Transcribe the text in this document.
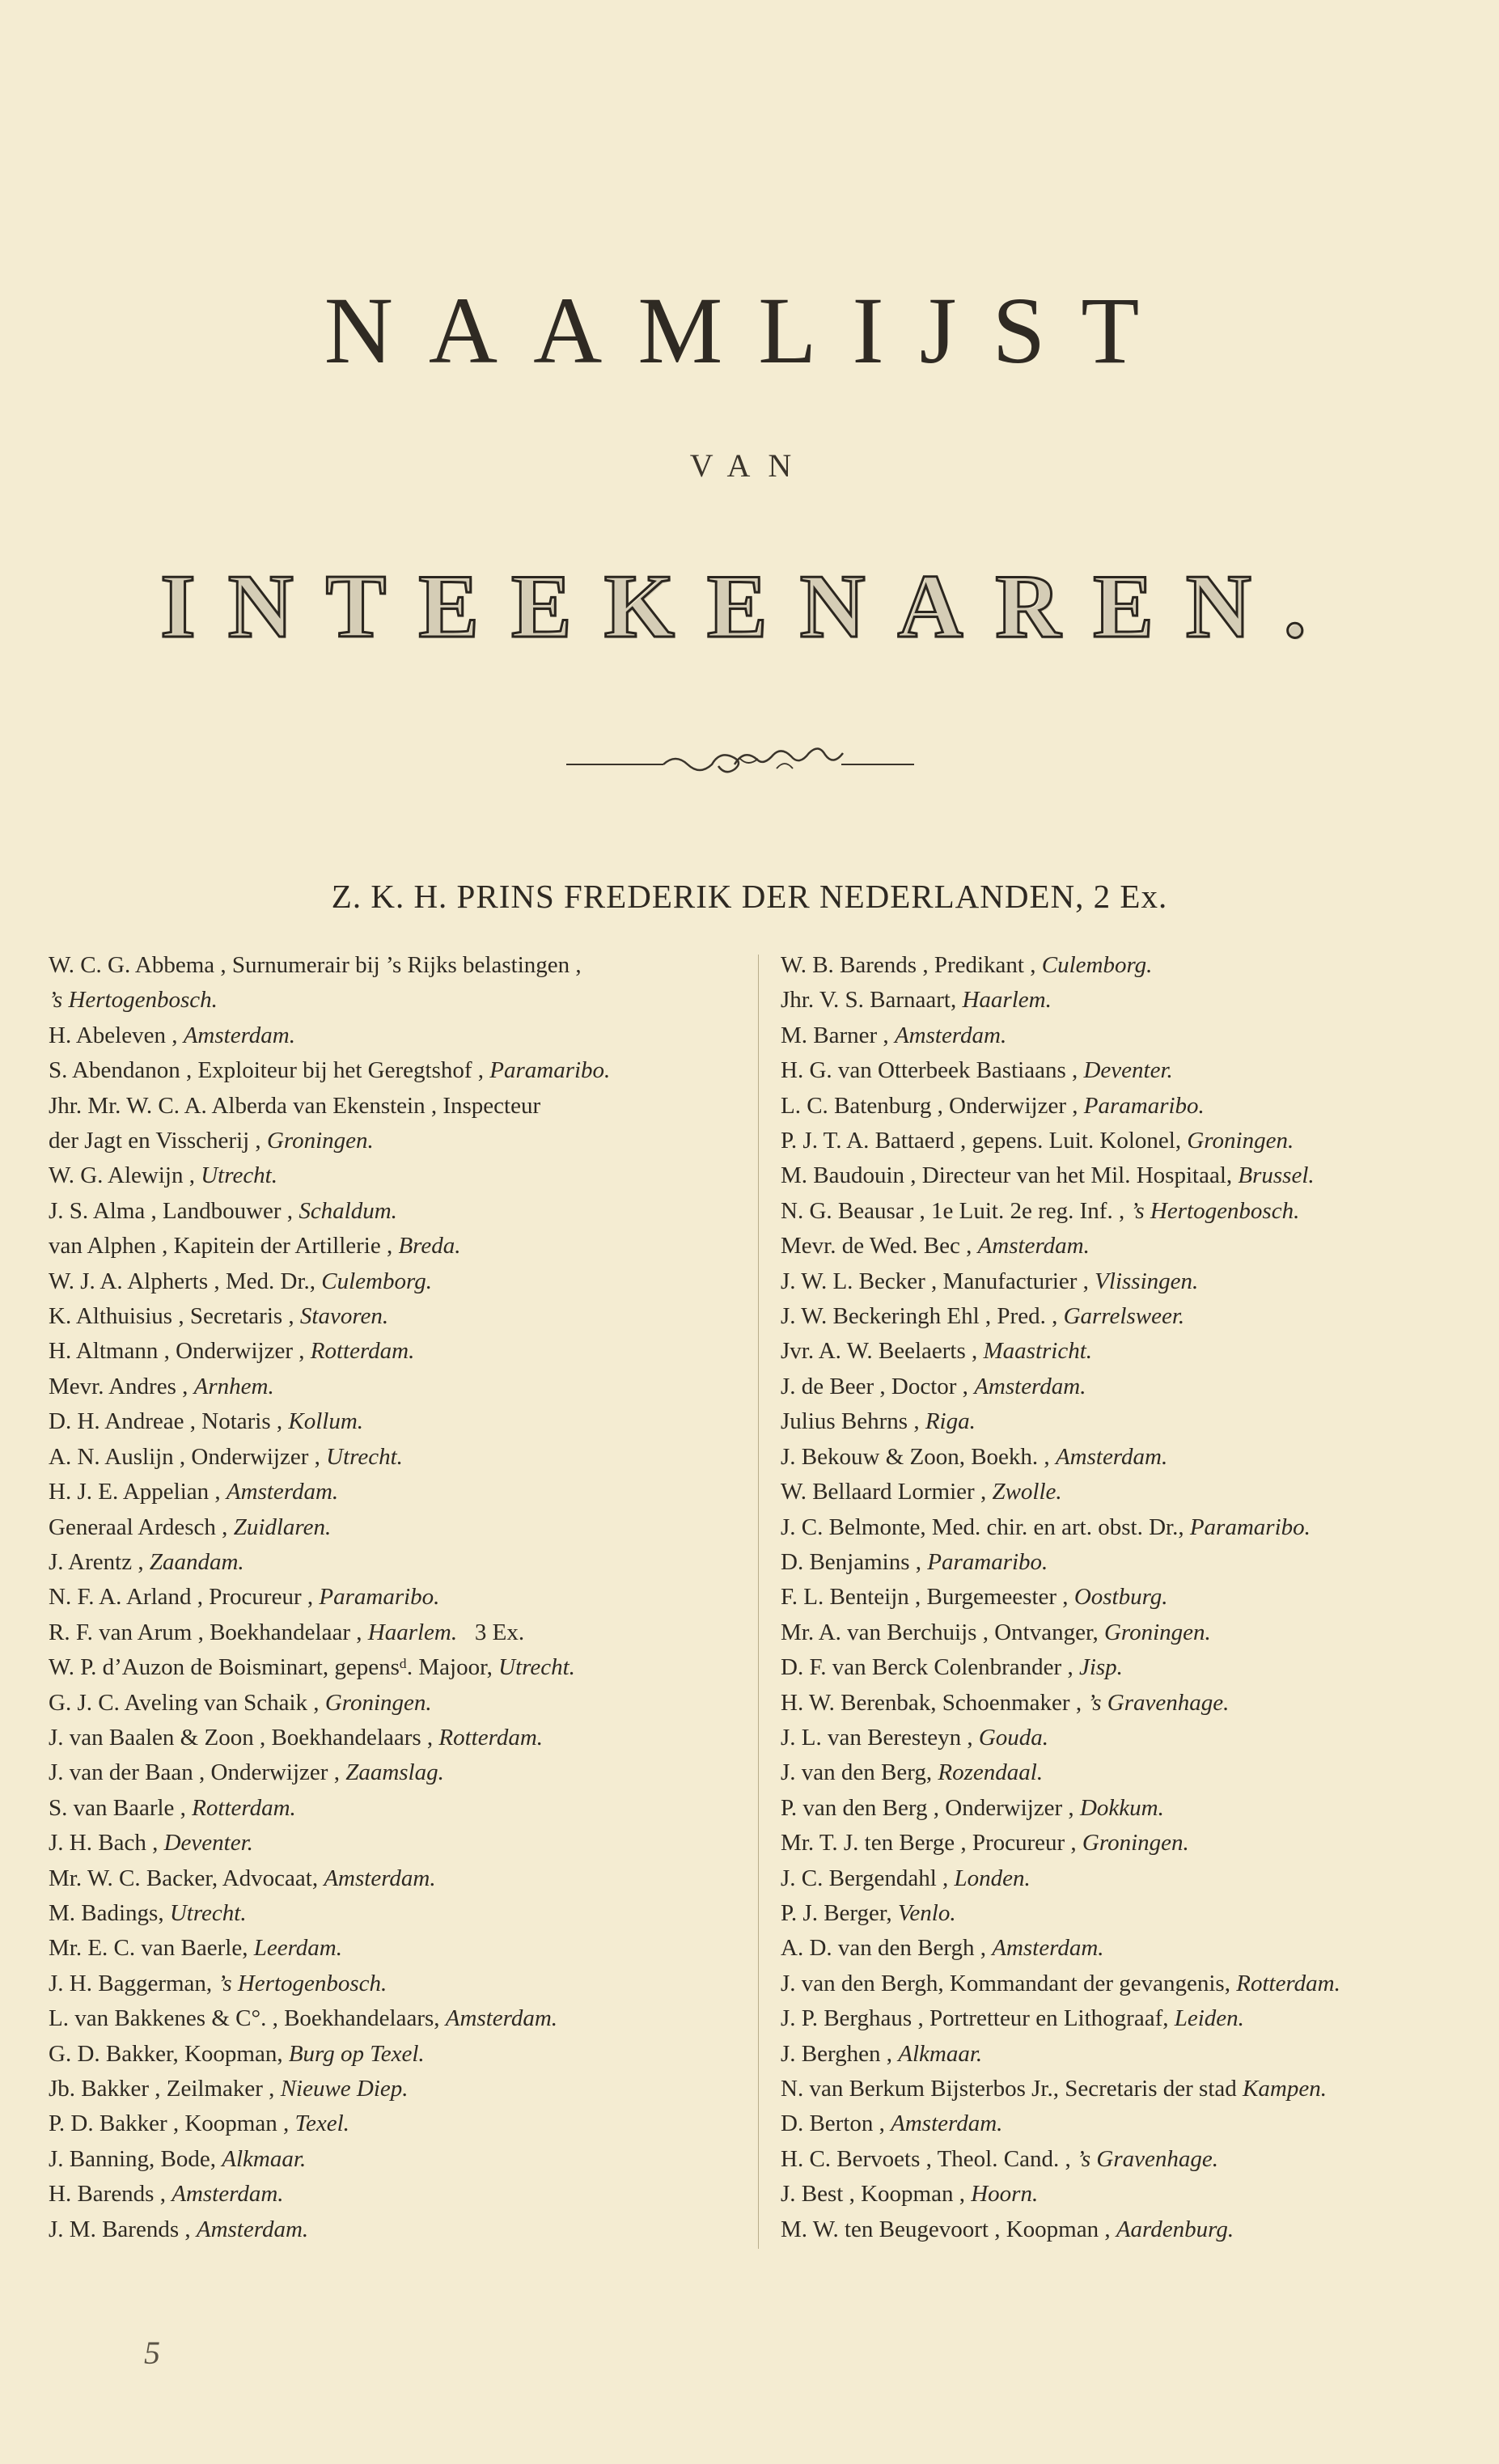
NAAMLIJST
VAN
INTEEKENAREN.
Z. K. H. PRINS FREDERIK DER NEDERLANDEN, 2 Ex.
W. C. G. Abbema , Surnumerair bij ’s Rijks belastingen ,
’s Hertogenbosch.
H. Abeleven , Amsterdam.
S. Abendanon , Exploiteur bij het Geregtshof , Paramaribo.
Jhr. Mr. W. C. A. Alberda van Ekenstein , Inspecteur
der Jagt en Visscherij , Groningen.
W. G. Alewijn , Utrecht.
J. S. Alma , Landbouwer , Schaldum.
van Alphen , Kapitein der Artillerie , Breda.
W. J. A. Alpherts , Med. Dr., Culemborg.
K. Althuisius , Secretaris , Stavoren.
H. Altmann , Onderwijzer , Rotterdam.
Mevr. Andres , Arnhem.
D. H. Andreae , Notaris , Kollum.
A. N. Auslijn , Onderwijzer , Utrecht.
H. J. E. Appelian , Amsterdam.
Generaal Ardesch , Zuidlaren.
J. Arentz , Zaandam.
N. F. A. Arland , Procureur , Paramaribo.
R. F. van Arum , Boekhandelaar , Haarlem.   3 Ex.
W. P. d’Auzon de Boisminart, gepensᵈ. Majoor, Utrecht.
G. J. C. Aveling van Schaik , Groningen.
J. van Baalen & Zoon , Boekhandelaars , Rotterdam.
J. van der Baan , Onderwijzer , Zaamslag.
S. van Baarle , Rotterdam.
J. H. Bach , Deventer.
Mr. W. C. Backer, Advocaat, Amsterdam.
M. Badings, Utrecht.
Mr. E. C. van Baerle, Leerdam.
J. H. Baggerman, ’s Hertogenbosch.
L. van Bakkenes & C°. , Boekhandelaars, Amsterdam.
G. D. Bakker, Koopman, Burg op Texel.
Jb. Bakker , Zeilmaker , Nieuwe Diep.
P. D. Bakker , Koopman , Texel.
J. Banning, Bode, Alkmaar.
H. Barends , Amsterdam.
J. M. Barends , Amsterdam.
W. B. Barends , Predikant , Culemborg.
Jhr. V. S. Barnaart, Haarlem.
M. Barner , Amsterdam.
H. G. van Otterbeek Bastiaans , Deventer.
L. C. Batenburg , Onderwijzer , Paramaribo.
P. J. T. A. Battaerd , gepens. Luit. Kolonel, Groningen.
M. Baudouin , Directeur van het Mil. Hospitaal, Brussel.
N. G. Beausar , 1e Luit. 2e reg. Inf. , ’s Hertogenbosch.
Mevr. de Wed. Bec , Amsterdam.
J. W. L. Becker , Manufacturier , Vlissingen.
J. W. Beckeringh Ehl , Pred. , Garrelsweer.
Jvr. A. W. Beelaerts , Maastricht.
J. de Beer , Doctor , Amsterdam.
Julius Behrns , Riga.
J. Bekouw & Zoon, Boekh. , Amsterdam.
W. Bellaard Lormier , Zwolle.
J. C. Belmonte, Med. chir. en art. obst. Dr., Paramaribo.
D. Benjamins , Paramaribo.
F. L. Benteijn , Burgemeester , Oostburg.
Mr. A. van Berchuijs , Ontvanger, Groningen.
D. F. van Berck Colenbrander , Jisp.
H. W. Berenbak, Schoenmaker , ’s Gravenhage.
J. L. van Beresteyn , Gouda.
J. van den Berg, Rozendaal.
P. van den Berg , Onderwijzer , Dokkum.
Mr. T. J. ten Berge , Procureur , Groningen.
J. C. Bergendahl , Londen.
P. J. Berger, Venlo.
A. D. van den Bergh , Amsterdam.
J. van den Bergh, Kommandant der gevangenis, Rotterdam.
J. P. Berghaus , Portretteur en Lithograaf, Leiden.
J. Berghen , Alkmaar.
N. van Berkum Bijsterbos Jr., Secretaris der stad Kampen.
D. Berton , Amsterdam.
H. C. Bervoets , Theol. Cand. , ’s Gravenhage.
J. Best , Koopman , Hoorn.
M. W. ten Beugevoort , Koopman , Aardenburg.
5
